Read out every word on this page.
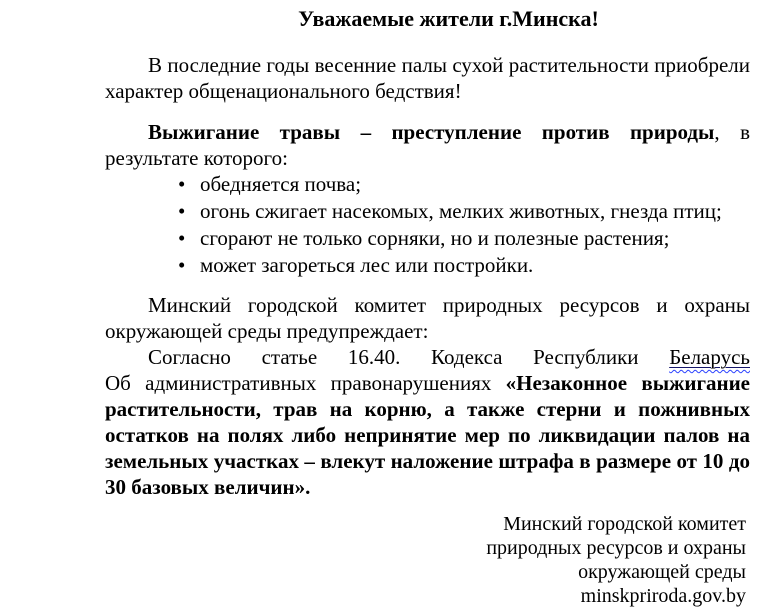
Уважаемые жители г.Минска!

В последние годы весенние палы сухой растительности приобрели характер общенационального бедствия!

Выжигание травы – преступление против природы, в результате которого:

• обедняется почва;
• огонь сжигает насекомых, мелких животных, гнезда птиц;
• сгорают не только сорняки, но и полезные растения;
• может загореться лес или постройки.

Минский городской комитет природных ресурсов и охраны окружающей среды предупреждает:

Согласно статье 16.40. Кодекса Республики Беларусь Об административных правонарушениях «Незаконное выжигание растительности, трав на корню, а также стерни и пожнивных остатков на полях либо непринятие мер по ликвидации палов на земельных участках – влекут наложение штрафа в размере от 10 до 30 базовых величин».

Минский городской комитет
природных ресурсов и охраны
окружающей среды
minskpriroda.gov.by
